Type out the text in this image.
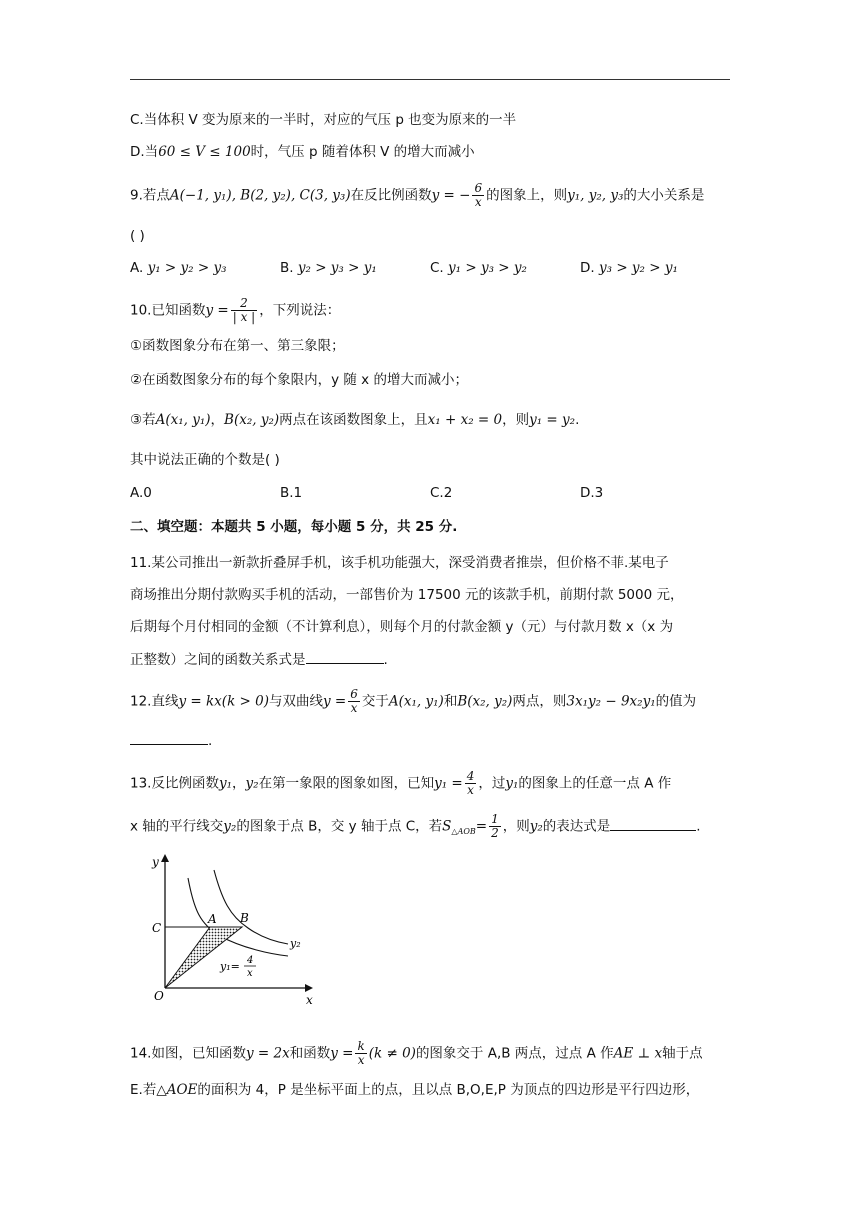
C.当体积 V 变为原来的一半时，对应的气压 p 也变为原来的一半
D.当60 ≤ V ≤ 100时，气压 p 随着体积 V 的增大而减小
9.若点A(−1, y₁), B(2, y₂), C(3, y₃)在反比例函数y = − $\frac{6}{x}$ 的图象上，则y₁, y₂, y₃的大小关系是
( )
A. y₁ > y₂ > y₃	B. y₂ > y₃ > y₁	C. y₁ > y₃ > y₂	D. y₃ > y₂ > y₁
10.已知函数$y = \frac{2}{| x |}$ ，下列说法：
①函数图象分布在第一、第三象限；
②在函数图象分布的每个象限内，y 随 x 的增大而减小；
③若A(x₁, y₁)，B(x₂, y₂)两点在该函数图象上，且x₁ + x₂ = 0，则y₁ = y₂.
其中说法正确的个数是( )
A.0	B.1	C.2	D.3
二、填空题：本题共 5 小题，每小题 5 分，共 25 分.
11.某公司推出一新款折叠屏手机，该手机功能强大，深受消费者推崇，但价格不菲.某电子
商场推出分期付款购买手机的活动，一部售价为 17500 元的该款手机，前期付款 5000 元，
后期每个月付相同的金额（不计算利息），则每个月的付款金额 y（元）与付款月数 x（x 为
正整数）之间的函数关系式是	.
12.直线y = kx(k > 0)与双曲线$y = \frac{6}{x}$ 交于A(x₁, y₁)和B(x₂, y₂)两点，则3x₁y₂ − 9x₂y₁的值为
.
13.反比例函数y₁，y₂在第一象限的图象如图，已知$y_1 = \frac{4}{x}$ ，过y₁的图象上的任意一点 A 作
x 轴的平行线交y₂的图象于点 B，交 y 轴于点 C，若$S_{\triangle AOB}= \frac{1}{2}$ ，则y₂的表达式是	.
y
x
O
C
A B
y₂
y₁= 4
x
14.如图，已知函数y = 2x和函数$y = \frac{k}{x} (k \ne 0)$的图象交于 A,B 两点，过点 A 作AE ⊥ x轴于点
E.若△AOE的面积为 4，P 是坐标平面上的点，且以点 B,O,E,P 为顶点的四边形是平行四边形，
